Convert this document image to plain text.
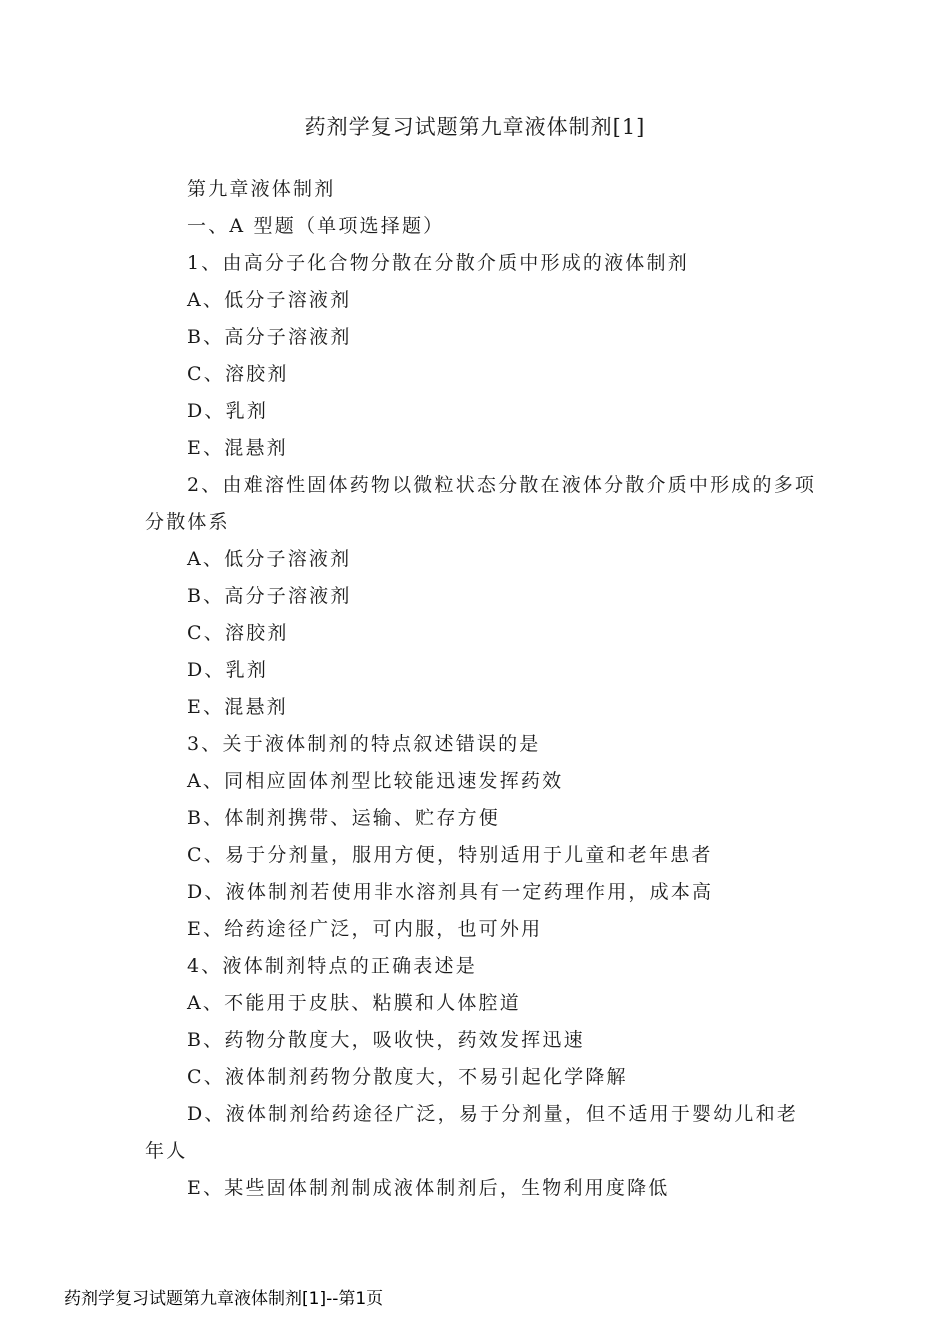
药剂学复习试题第九章液体制剂[1]
第九章液体制剂
一、A 型题（单项选择题）
1、由高分子化合物分散在分散介质中形成的液体制剂
A、低分子溶液剂
B、高分子溶液剂
C、溶胶剂
D、乳剂
E、混悬剂
2、由难溶性固体药物以微粒状态分散在液体分散介质中形成的多项分散体系
A、低分子溶液剂
B、高分子溶液剂
C、溶胶剂
D、乳剂
E、混悬剂
3、关于液体制剂的特点叙述错误的是
A、同相应固体剂型比较能迅速发挥药效
B、体制剂携带、运输、贮存方便
C、易于分剂量，服用方便，特别适用于儿童和老年患者
D、液体制剂若使用非水溶剂具有一定药理作用，成本高
E、给药途径广泛，可内服，也可外用
4、液体制剂特点的正确表述是
A、不能用于皮肤、粘膜和人体腔道
B、药物分散度大，吸收快，药效发挥迅速
C、液体制剂药物分散度大，不易引起化学降解
D、液体制剂给药途径广泛，易于分剂量，但不适用于婴幼儿和老年人
E、某些固体制剂制成液体制剂后，生物利用度降低
药剂学复习试题第九章液体制剂[1]--第1页
